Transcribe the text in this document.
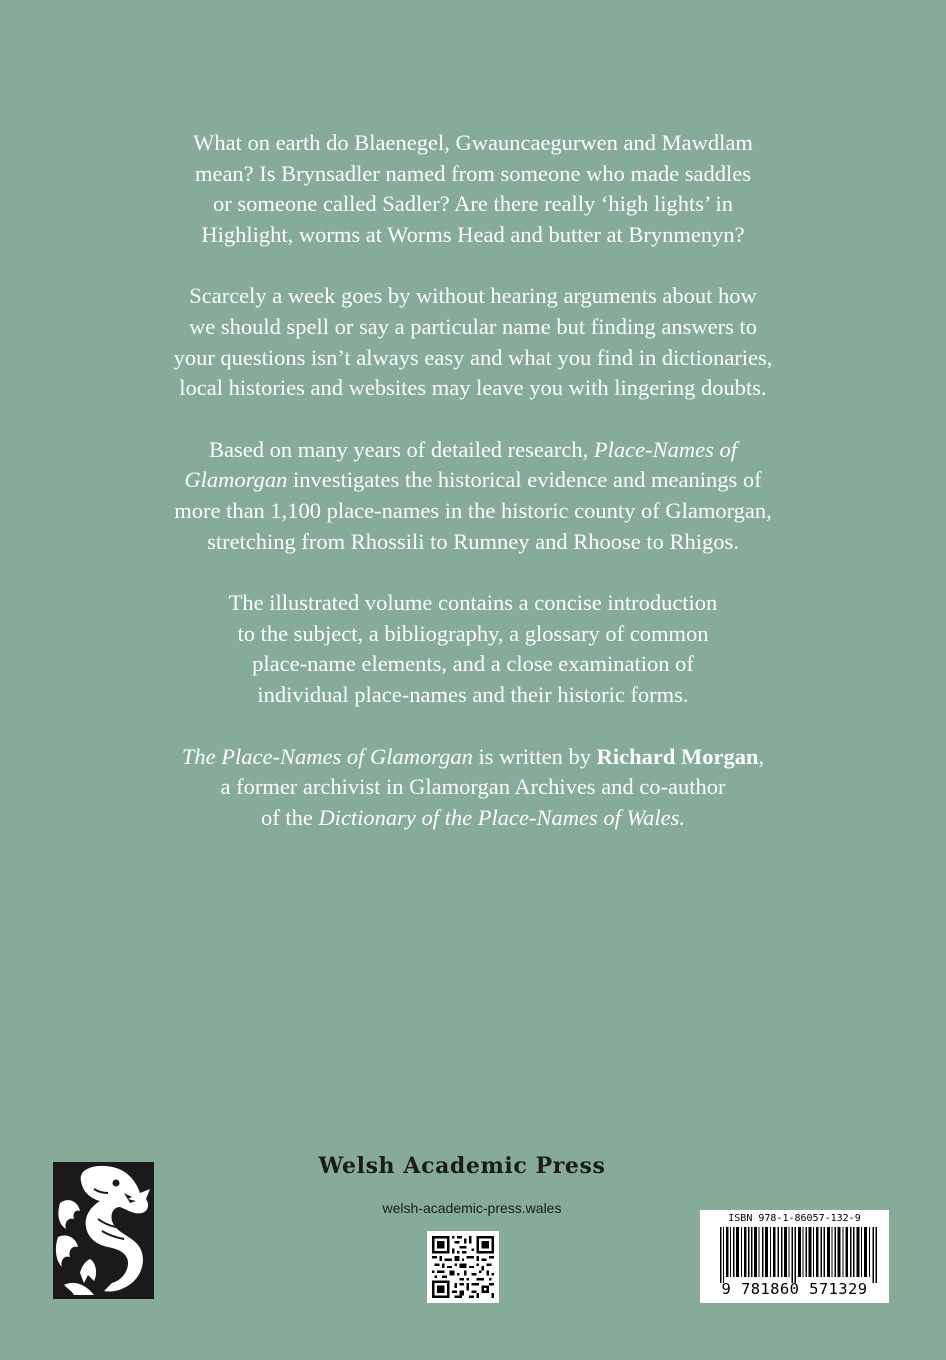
What on earth do Blaenegel, Gwauncaegurwen and Mawdlam
mean? Is Brynsadler named from someone who made saddles
or someone called Sadler? Are there really ‘high lights’ in
Highlight, worms at Worms Head and butter at Brynmenyn?

Scarcely a week goes by without hearing arguments about how
we should spell or say a particular name but finding answers to
your questions isn’t always easy and what you find in dictionaries,
local histories and websites may leave you with lingering doubts.

Based on many years of detailed research, Place-Names of
Glamorgan investigates the historical evidence and meanings of
more than 1,100 place-names in the historic county of Glamorgan,
stretching from Rhossili to Rumney and Rhoose to Rhigos.

The illustrated volume contains a concise introduction
to the subject, a bibliography, a glossary of common
place-name elements, and a close examination of
individual place-names and their historic forms.

The Place-Names of Glamorgan is written by Richard Morgan,
a former archivist in Glamorgan Archives and co-author
of the Dictionary of the Place-Names of Wales.

Welsh Academic Press
welsh-academic-press.wales
ISBN 978-1-86057-132-9
9 781860 571329
